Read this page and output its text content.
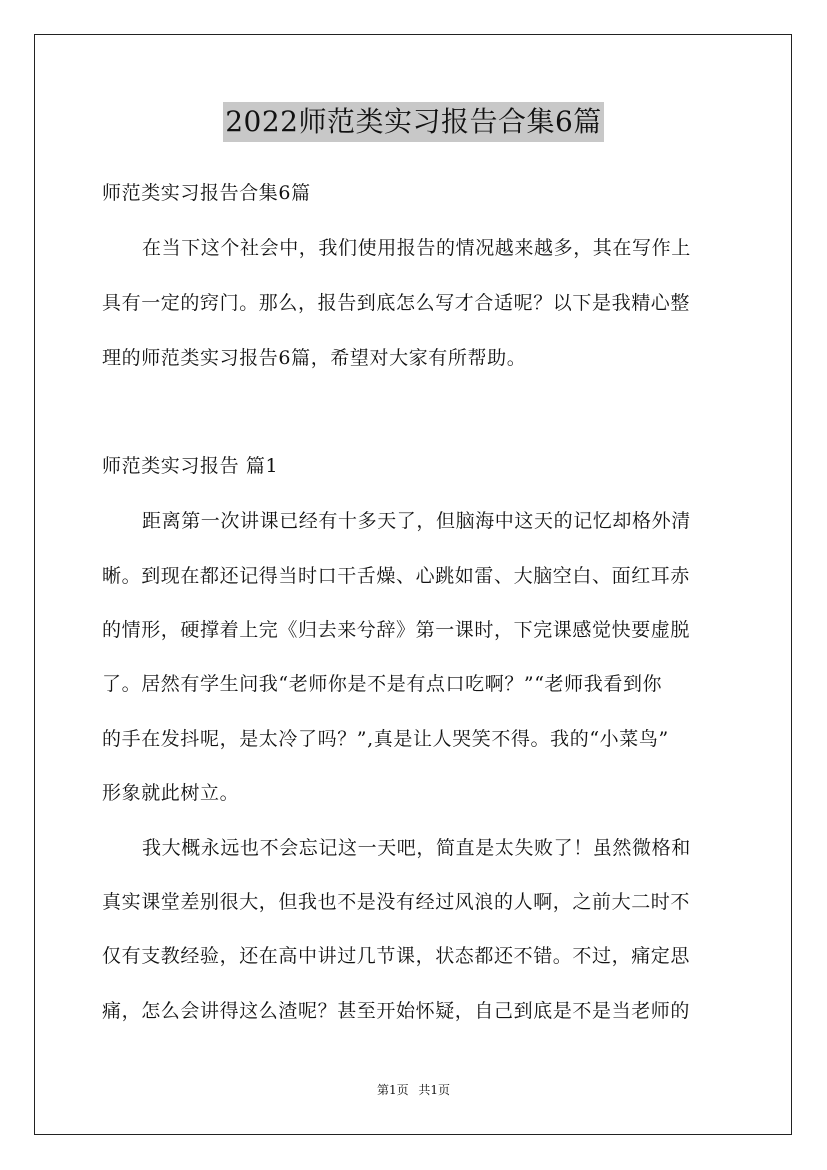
2022师范类实习报告合集6篇
师范类实习报告合集6篇
在当下这个社会中，我们使用报告的情况越来越多，其在写作上
具有一定的窍门。那么，报告到底怎么写才合适呢？以下是我精心整
理的师范类实习报告6篇，希望对大家有所帮助。
师范类实习报告 篇1
距离第一次讲课已经有十多天了，但脑海中这天的记忆却格外清
晰。到现在都还记得当时口干舌燥、心跳如雷、大脑空白、面红耳赤
的情形，硬撑着上完《归去来兮辞》第一课时，下完课感觉快要虚脱
了。居然有学生问我“老师你是不是有点口吃啊？”“老师我看到你
的手在发抖呢，是太冷了吗？”,真是让人哭笑不得。我的“小菜鸟”
形象就此树立。
我大概永远也不会忘记这一天吧，简直是太失败了！虽然微格和
真实课堂差别很大，但我也不是没有经过风浪的人啊，之前大二时不
仅有支教经验，还在高中讲过几节课，状态都还不错。不过，痛定思
痛，怎么会讲得这么渣呢？甚至开始怀疑，自己到底是不是当老师的
第1页 共1页
